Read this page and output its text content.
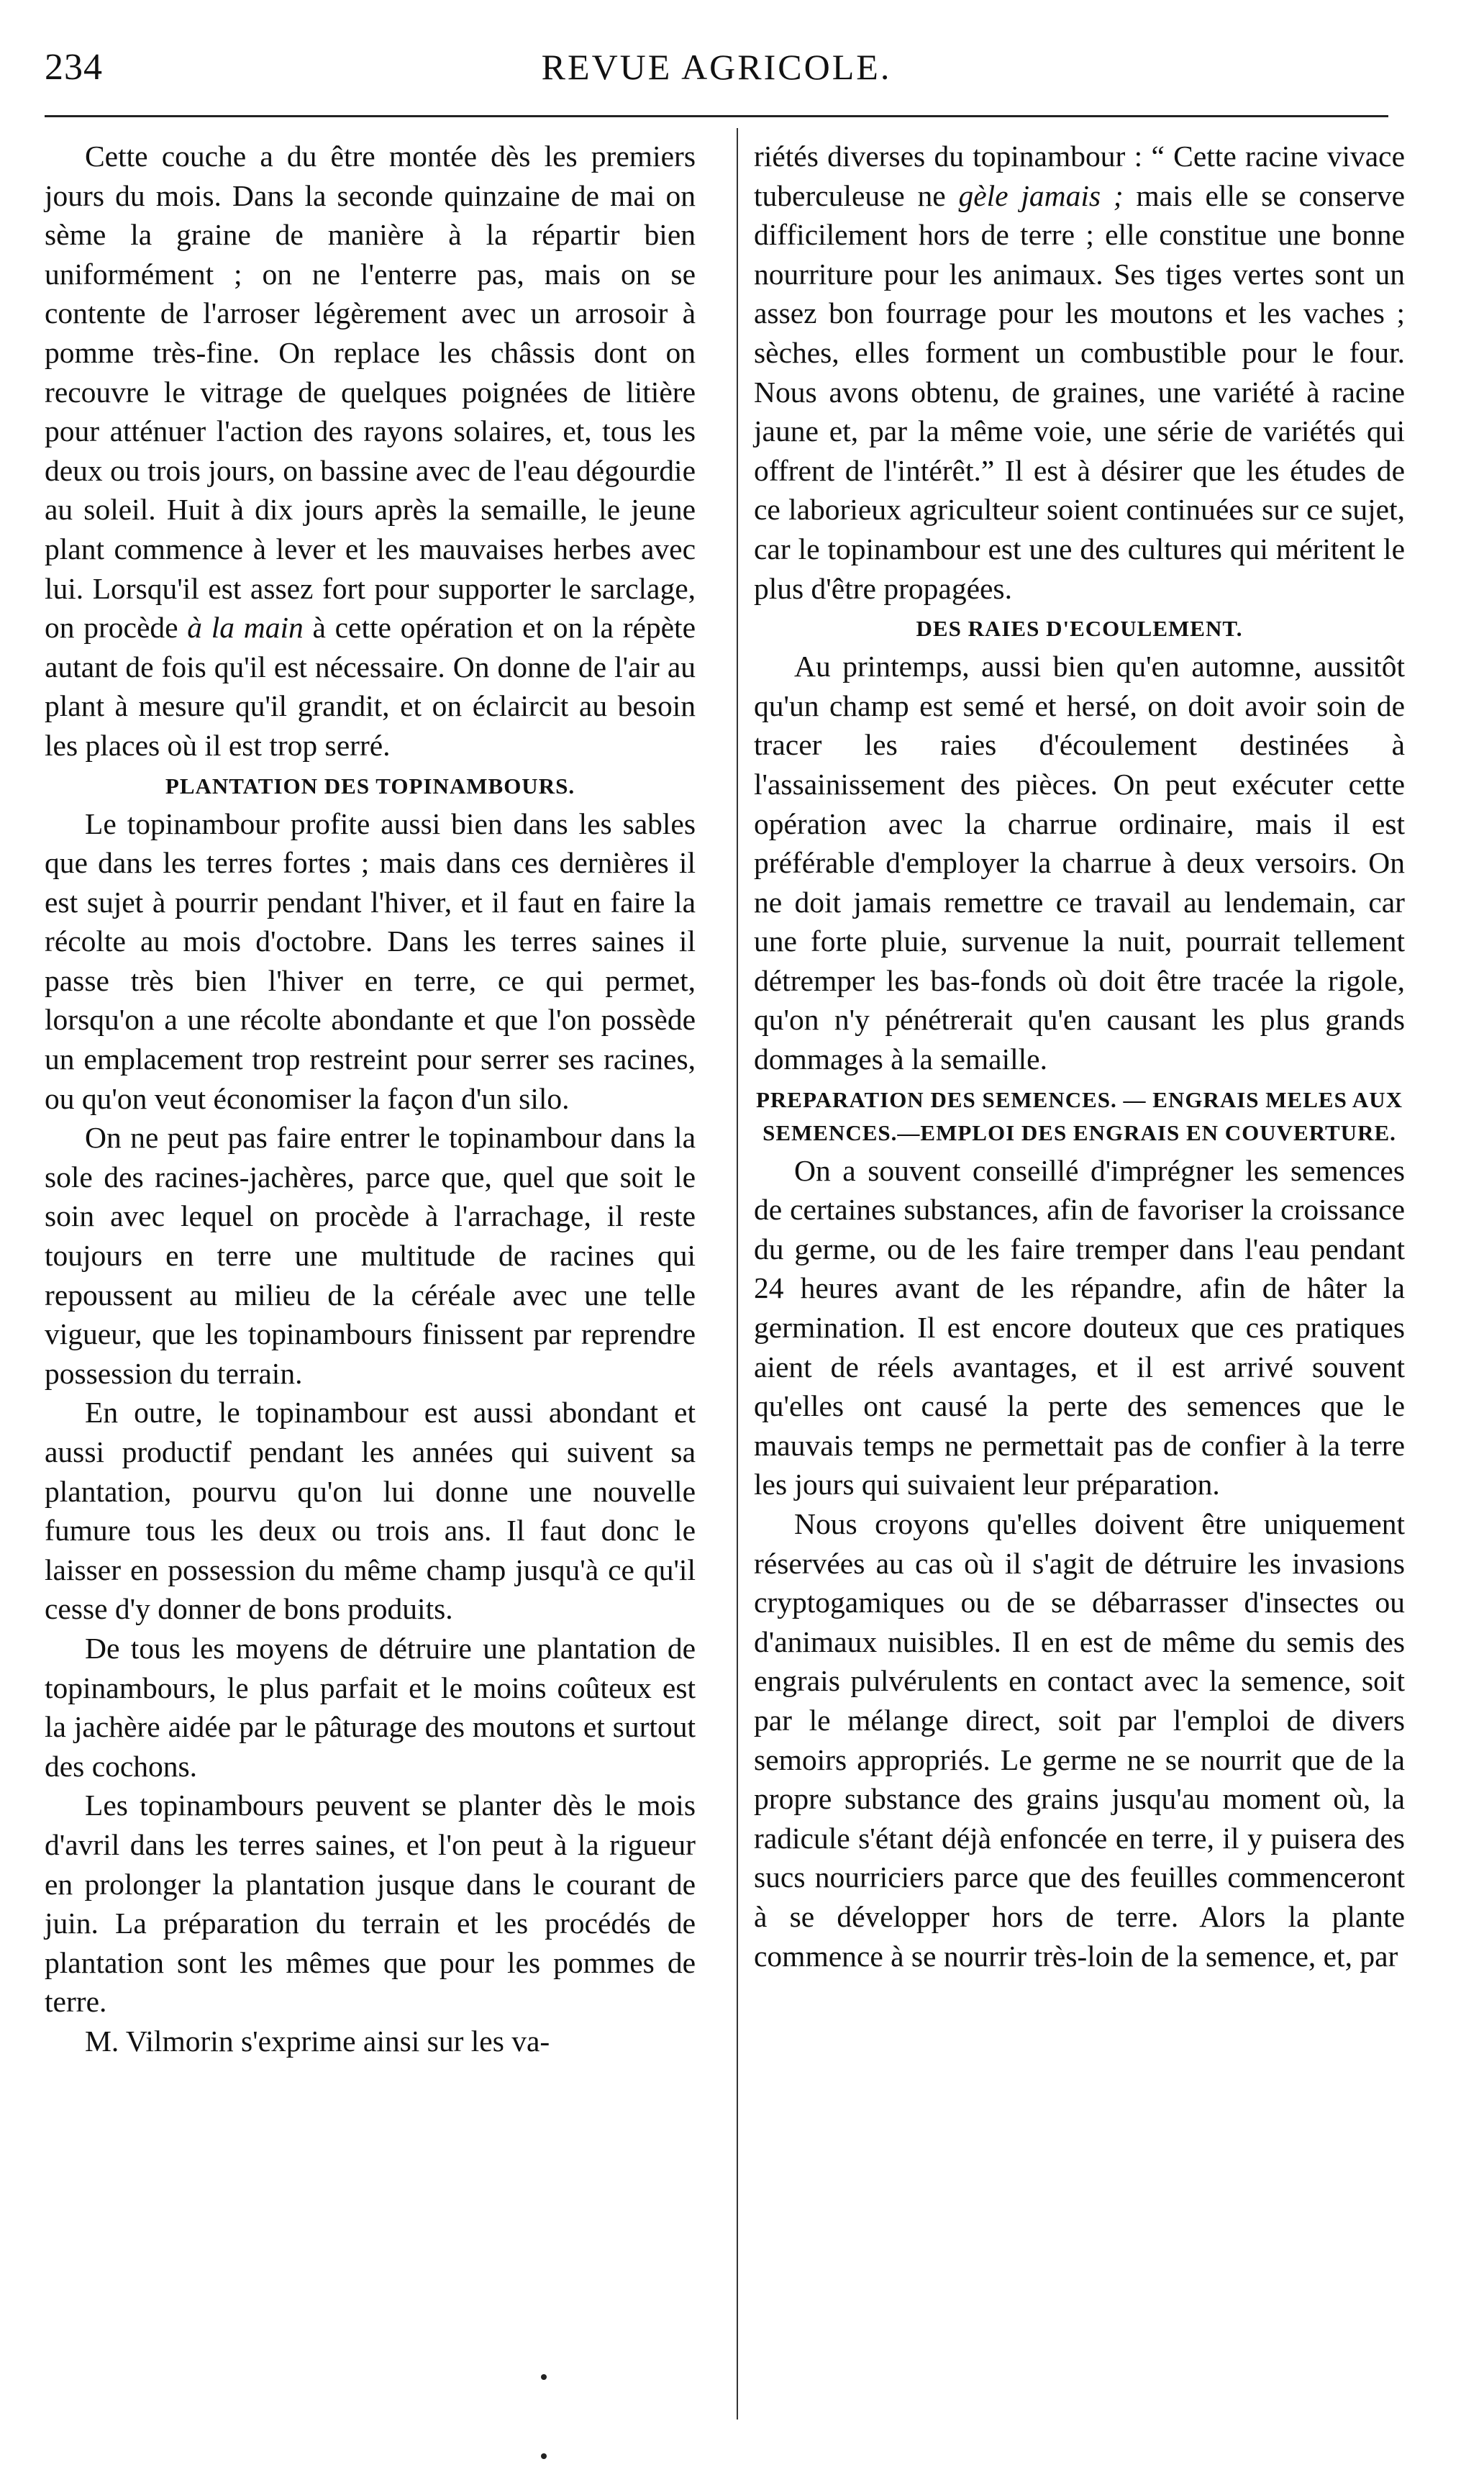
234	REVUE AGRICOLE.

Cette couche a du être montée dès les premiers jours du mois. Dans la seconde quinzaine de mai on sème la graine de manière à la répartir bien uniformément ; on ne l'enterre pas, mais on se contente de l'arroser légèrement avec un arrosoir à pomme très-fine. On replace les châssis dont on recouvre le vitrage de quelques poignées de litière pour atténuer l'action des rayons solaires, et, tous les deux ou trois jours, on bassine avec de l'eau dégourdie au soleil. Huit à dix jours après la semaille, le jeune plant commence à lever et les mauvaises herbes avec lui. Lorsqu'il est assez fort pour supporter le sarclage, on procède à la main à cette opération et on la répète autant de fois qu'il est nécessaire. On donne de l'air au plant à mesure qu'il grandit, et on éclaircit au besoin les places où il est trop serré.

PLANTATION DES TOPINAMBOURS.

Le topinambour profite aussi bien dans les sables que dans les terres fortes ; mais dans ces dernières il est sujet à pourrir pendant l'hiver, et il faut en faire la récolte au mois d'octobre. Dans les terres saines il passe très bien l'hiver en terre, ce qui permet, lorsqu'on a une récolte abondante et que l'on possède un emplacement trop restreint pour serrer ses racines, ou qu'on veut économiser la façon d'un silo.

On ne peut pas faire entrer le topinambour dans la sole des racines-jachères, parce que, quel que soit le soin avec lequel on procède à l'arrachage, il reste toujours en terre une multitude de racines qui repoussent au milieu de la céréale avec une telle vigueur, que les topinambours finissent par reprendre possession du terrain.

En outre, le topinambour est aussi abondant et aussi productif pendant les années qui suivent sa plantation, pourvu qu'on lui donne une nouvelle fumure tous les deux ou trois ans. Il faut donc le laisser en possession du même champ jusqu'à ce qu'il cesse d'y donner de bons produits.

De tous les moyens de détruire une plantation de topinambours, le plus parfait et le moins coûteux est la jachère aidée par le pâturage des moutons et surtout des cochons.

Les topinambours peuvent se planter dès le mois d'avril dans les terres saines, et l'on peut à la rigueur en prolonger la plantation jusque dans le courant de juin. La préparation du terrain et les procédés de plantation sont les mêmes que pour les pommes de terre.

M. Vilmorin s'exprime ainsi sur les va-

riétés diverses du topinambour : “ Cette racine vivace tuberculeuse ne gèle jamais ; mais elle se conserve difficilement hors de terre ; elle constitue une bonne nourriture pour les animaux. Ses tiges vertes sont un assez bon fourrage pour les moutons et les vaches ; sèches, elles forment un combustible pour le four. Nous avons obtenu, de graines, une variété à racine jaune et, par la même voie, une série de variétés qui offrent de l'intérêt.” Il est à désirer que les études de ce laborieux agriculteur soient continuées sur ce sujet, car le topinambour est une des cultures qui méritent le plus d'être propagées.

DES RAIES D'ECOULEMENT.

Au printemps, aussi bien qu'en automne, aussitôt qu'un champ est semé et hersé, on doit avoir soin de tracer les raies d'écoulement destinées à l'assainissement des pièces. On peut exécuter cette opération avec la charrue ordinaire, mais il est préférable d'employer la charrue à deux versoirs. On ne doit jamais remettre ce travail au lendemain, car une forte pluie, survenue la nuit, pourrait tellement détremper les bas-fonds où doit être tracée la rigole, qu'on n'y pénétrerait qu'en causant les plus grands dommages à la semaille.

PREPARATION DES SEMENCES. — ENGRAIS MELES AUX SEMENCES.—EMPLOI DES ENGRAIS EN COUVERTURE.

On a souvent conseillé d'imprégner les semences de certaines substances, afin de favoriser la croissance du germe, ou de les faire tremper dans l'eau pendant 24 heures avant de les répandre, afin de hâter la germination. Il est encore douteux que ces pratiques aient de réels avantages, et il est arrivé souvent qu'elles ont causé la perte des semences que le mauvais temps ne permettait pas de confier à la terre les jours qui suivaient leur préparation.

Nous croyons qu'elles doivent être uniquement réservées au cas où il s'agit de détruire les invasions cryptogamiques ou de se débarrasser d'insectes ou d'animaux nuisibles. Il en est de même du semis des engrais pulvérulents en contact avec la semence, soit par le mélange direct, soit par l'emploi de divers semoirs appropriés. Le germe ne se nourrit que de la propre substance des grains jusqu'au moment où, la radicule s'étant déjà enfoncée en terre, il y puisera des sucs nourriciers parce que des feuilles commenceront à se développer hors de terre. Alors la plante commence à se nourrir très-loin de la semence, et, par
